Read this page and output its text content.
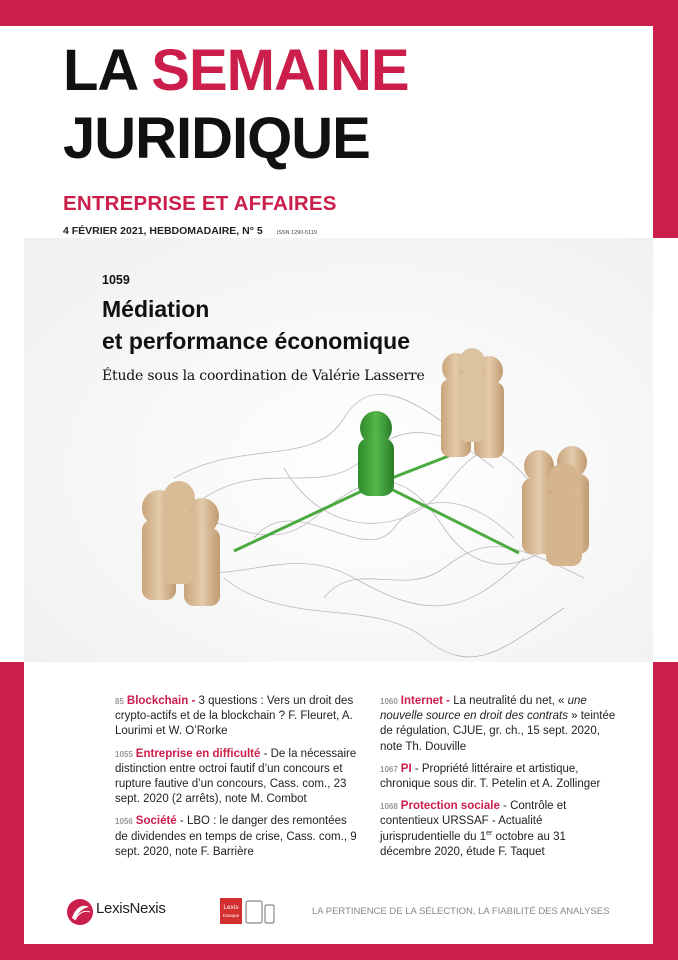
LA SEMAINE
JURIDIQUE
ENTREPRISE ET AFFAIRES
4 FÉVRIER 2021, HEBDOMADAIRE, N° 5	ISSN 1290-5119
1059
Médiation
et performance économique
Étude sous la coordination de Valérie Lasserre
85 Blockchain - 3 questions : Vers un droit des crypto-actifs et de la blockchain ? F. Fleuret, A. Lourimi et W. O’Rorke
1055 Entreprise en difficulté - De la nécessaire distinction entre octroi fautif d’un concours et rupture fautive d’un concours, Cass. com., 23 sept. 2020 (2 arrêts), note M. Combot
1056 Société - LBO : le danger des remontées de dividendes en temps de crise, Cass. com., 9 sept. 2020, note F. Barrière
1060 Internet - La neutralité du net, « une nouvelle source en droit des contrats » teintée de régulation, CJUE, gr. ch., 15 sept. 2020, note Th. Douville
1067 PI - Propriété littéraire et artistique, chronique sous dir. T. Petelin et A. Zollinger
1068 Protection sociale - Contrôle et contentieux URSSAF - Actualité jurisprudentielle du 1er octobre au 31 décembre 2020, étude F. Taquet
LexisNexis	Lexis
Kiosque	LA PERTINENCE DE LA SÉLECTION, LA FIABILITÉ DES ANALYSES
